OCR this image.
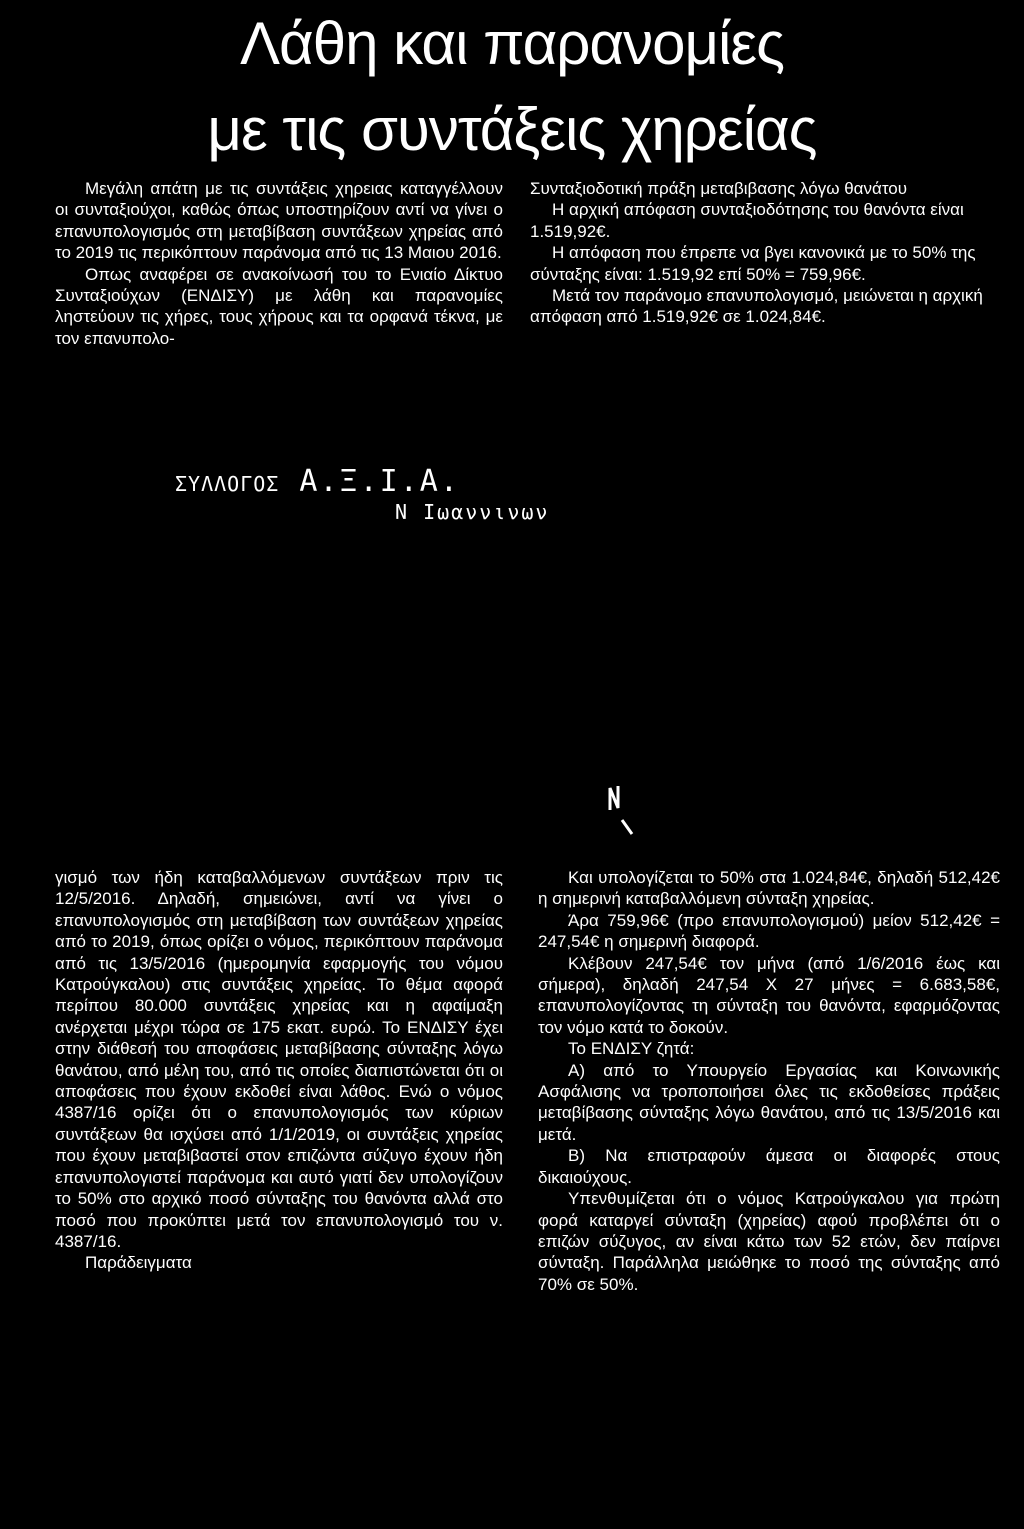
Λάθη και παρανομίες
με τις συντάξεις χηρείας

Μεγάλη απάτη με τις συντάξεις χηρειας καταγγέλλουν οι συνταξιούχοι, καθώς όπως υποστηρίζουν αντί να γίνει ο επανυπολογισμός στη μεταβίβαση συντάξεων χηρείας από το 2019 τις περικόπτουν παράνομα από τις 13 Μαιου 2016.

Οπως αναφέρει σε ανακοίνωσή του το Ενιαίο Δίκτυο Συνταξιούχων (ΕΝΔΙΣΥ) με λάθη και παρανομίες ληστεύουν τις χήρες, τους χήρους και τα ορφανά τέκνα, με τον επανυπολο-

Συνταξιοδοτική πράξη μεταβιβασης λόγω θανάτου

Η αρχική απόφαση συνταξιοδότησης του θανόντα είναι 1.519,92€.

Η απόφαση που έπρεπε να βγει κανονικά με το 50% της σύνταξης είναι: 1.519,92 επί 50% = 759,96€.

Μετά τον παράνομο επανυπολογισμό, μειώνεται η αρχική απόφαση από 1.519,92€ σε 1.024,84€.

ΣΥΛΛΟΓΟΣ Α.Ξ.Ι.Α.
Ν Ιωαννινων

γισμό των ήδη καταβαλλόμενων συντάξεων πριν τις 12/5/2016. Δηλαδή, σημειώνει, αντί να γίνει ο επανυπολογισμός στη μεταβίβαση των συντάξεων χηρείας από το 2019, όπως ορίζει ο νόμος, περικόπτουν παράνομα από τις 13/5/2016 (ημερομηνία εφαρμογής του νόμου Κατρούγκαλου) στις συντάξεις χηρείας. Το θέμα αφορά περίπου 80.000 συντάξεις χηρείας και η αφαίμαξη ανέρχεται μέχρι τώρα σε 175 εκατ. ευρώ. Το ΕΝΔΙΣΥ έχει στην διάθεσή του αποφάσεις μεταβίβασης σύνταξης λόγω θανάτου, από μέλη του, από τις οποίες διαπιστώνεται ότι οι αποφάσεις που έχουν εκδοθεί είναι λάθος. Ενώ ο νόμος 4387/16 ορίζει ότι ο επανυπολογισμός των κύριων συντάξεων θα ισχύσει από 1/1/2019, οι συντάξεις χηρείας που έχουν μεταβιβαστεί στον επιζώντα σύζυγο έχουν ήδη επανυπολογιστεί παράνομα και αυτό γιατί δεν υπολογίζουν το 50% στο αρχικό ποσό σύνταξης του θανόντα αλλά στο ποσό που προκύπτει μετά τον επανυπολογισμό του ν. 4387/16.

Παράδειγματα

Και υπολογίζεται το 50% στα 1.024,84€, δηλαδή 512,42€ η σημερινή καταβαλλόμενη σύνταξη χηρείας.

Άρα 759,96€ (προ επανυπολογισμού) μείον 512,42€ = 247,54€ η σημερινή διαφορά.

Κλέβουν 247,54€ τον μήνα (από 1/6/2016 έως και σήμερα), δηλαδή 247,54 Χ 27 μήνες = 6.683,58€, επανυπολογίζοντας τη σύνταξη του θανόντα, εφαρμόζοντας τον νόμο κατά το δοκούν.

Το ΕΝΔΙΣΥ ζητά:

Α) από το Υπουργείο Εργασίας και Κοινωνικής Ασφάλισης να τροποποιήσει όλες τις εκδοθείσες πράξεις μεταβίβασης σύνταξης λόγω θανάτου, από τις 13/5/2016 και μετά.

Β) Να επιστραφούν άμεσα οι διαφορές στους δικαιούχους.

Υπενθυμίζεται ότι ο νόμος Κατρούγκαλου για πρώτη φορά καταργεί σύνταξη (χηρείας) αφού προβλέπει ότι ο επιζών σύζυγος, αν είναι κάτω των 52 ετών, δεν παίρνει σύνταξη. Παράλληλα μειώθηκε το ποσό της σύνταξης από 70% σε 50%.
